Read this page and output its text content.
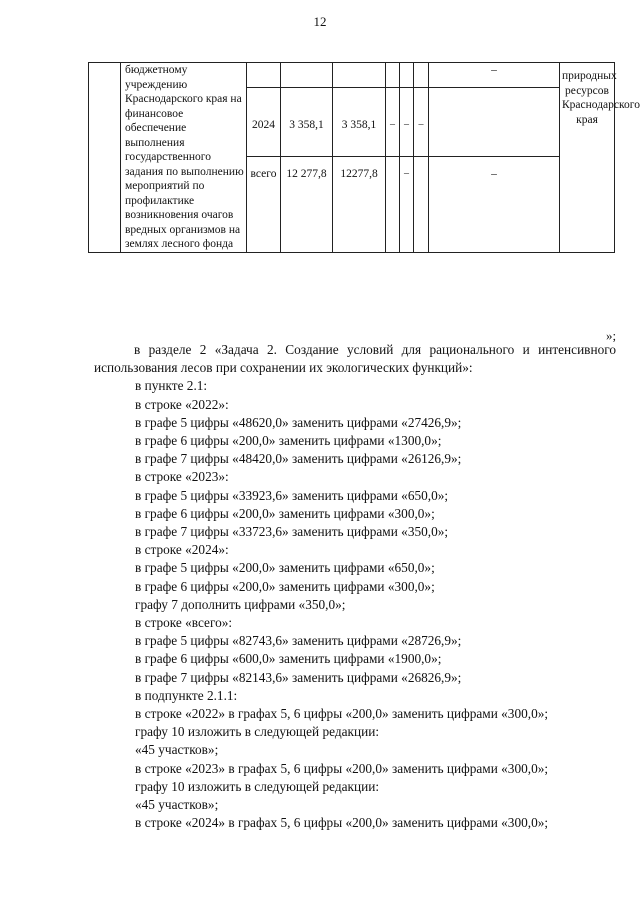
12
	бюджетному учреждению Краснодарского края на финансовое обеспечение выполнения государственного задания по выполнению мероприятий по профилактике возникновения очагов вредных организмов на землях лесного фонда							–	природных ресурсов Краснодарского края
		2024	3 358,1	3 358,1	–	–	–		
		всего	12 277,8	12277,8		–		–	
»;

в разделе 2 «Задача 2. Создание условий для рационального и интенсивного использования лесов при сохранении их экологических функций»:

в пункте 2.1:

в строке «2022»:

в графе 5 цифры «48620,0» заменить цифрами «27426,9»;

в графе 6 цифры «200,0» заменить цифрами «1300,0»;

в графе 7 цифры «48420,0» заменить цифрами «26126,9»;

в строке «2023»:

в графе 5 цифры «33923,6» заменить цифрами «650,0»;

в графе 6 цифры «200,0» заменить цифрами «300,0»;

в графе 7 цифры «33723,6» заменить цифрами «350,0»;

в строке «2024»:

в графе 5 цифры «200,0» заменить цифрами «650,0»;

в графе 6 цифры «200,0» заменить цифрами «300,0»;

графу 7 дополнить цифрами «350,0»;

в строке «всего»:

в графе 5 цифры «82743,6» заменить цифрами «28726,9»;

в графе 6 цифры «600,0» заменить цифрами «1900,0»;

в графе 7 цифры «82143,6» заменить цифрами «26826,9»;

в подпункте 2.1.1:

в строке «2022» в графах 5, 6 цифры «200,0» заменить цифрами «300,0»;

графу 10 изложить в следующей редакции:

«45 участков»;

в строке «2023» в графах 5, 6 цифры «200,0» заменить цифрами «300,0»;

графу 10 изложить в следующей редакции:

«45 участков»;

в строке «2024» в графах 5, 6 цифры «200,0» заменить цифрами «300,0»;
